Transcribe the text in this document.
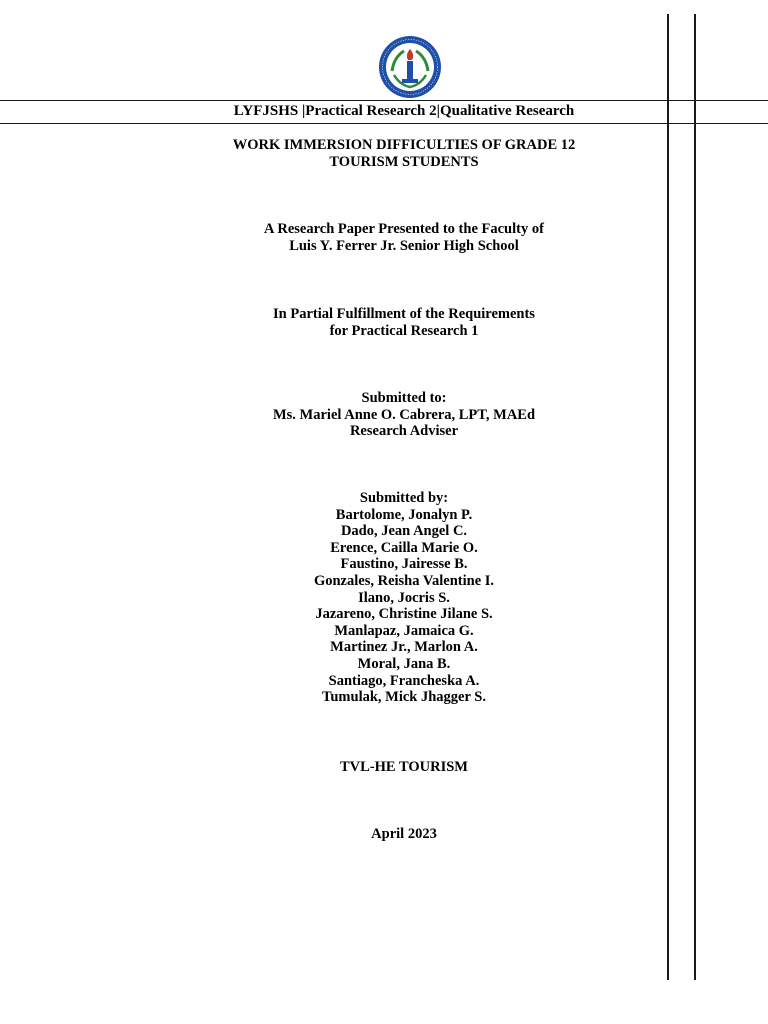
LYFJSHS |Practical Research 2|Qualitative Research
WORK IMMERSION DIFFICULTIES OF GRADE 12
TOURISM STUDENTS
A Research Paper Presented to the Faculty of
Luis Y. Ferrer Jr. Senior High School
In Partial Fulfillment of the Requirements
for Practical Research 1
Submitted to:
Ms. Mariel Anne O. Cabrera, LPT, MAEd
Research Adviser
Submitted by:
Bartolome, Jonalyn P.
Dado, Jean Angel C.
Erence, Cailla Marie O.
Faustino, Jairesse B.
Gonzales, Reisha Valentine I.
Ilano, Jocris S.
Jazareno, Christine Jilane S.
Manlapaz, Jamaica G.
Martinez Jr., Marlon A.
Moral, Jana B.
Santiago, Francheska A.
Tumulak, Mick Jhagger S.
TVL-HE TOURISM
April 2023
